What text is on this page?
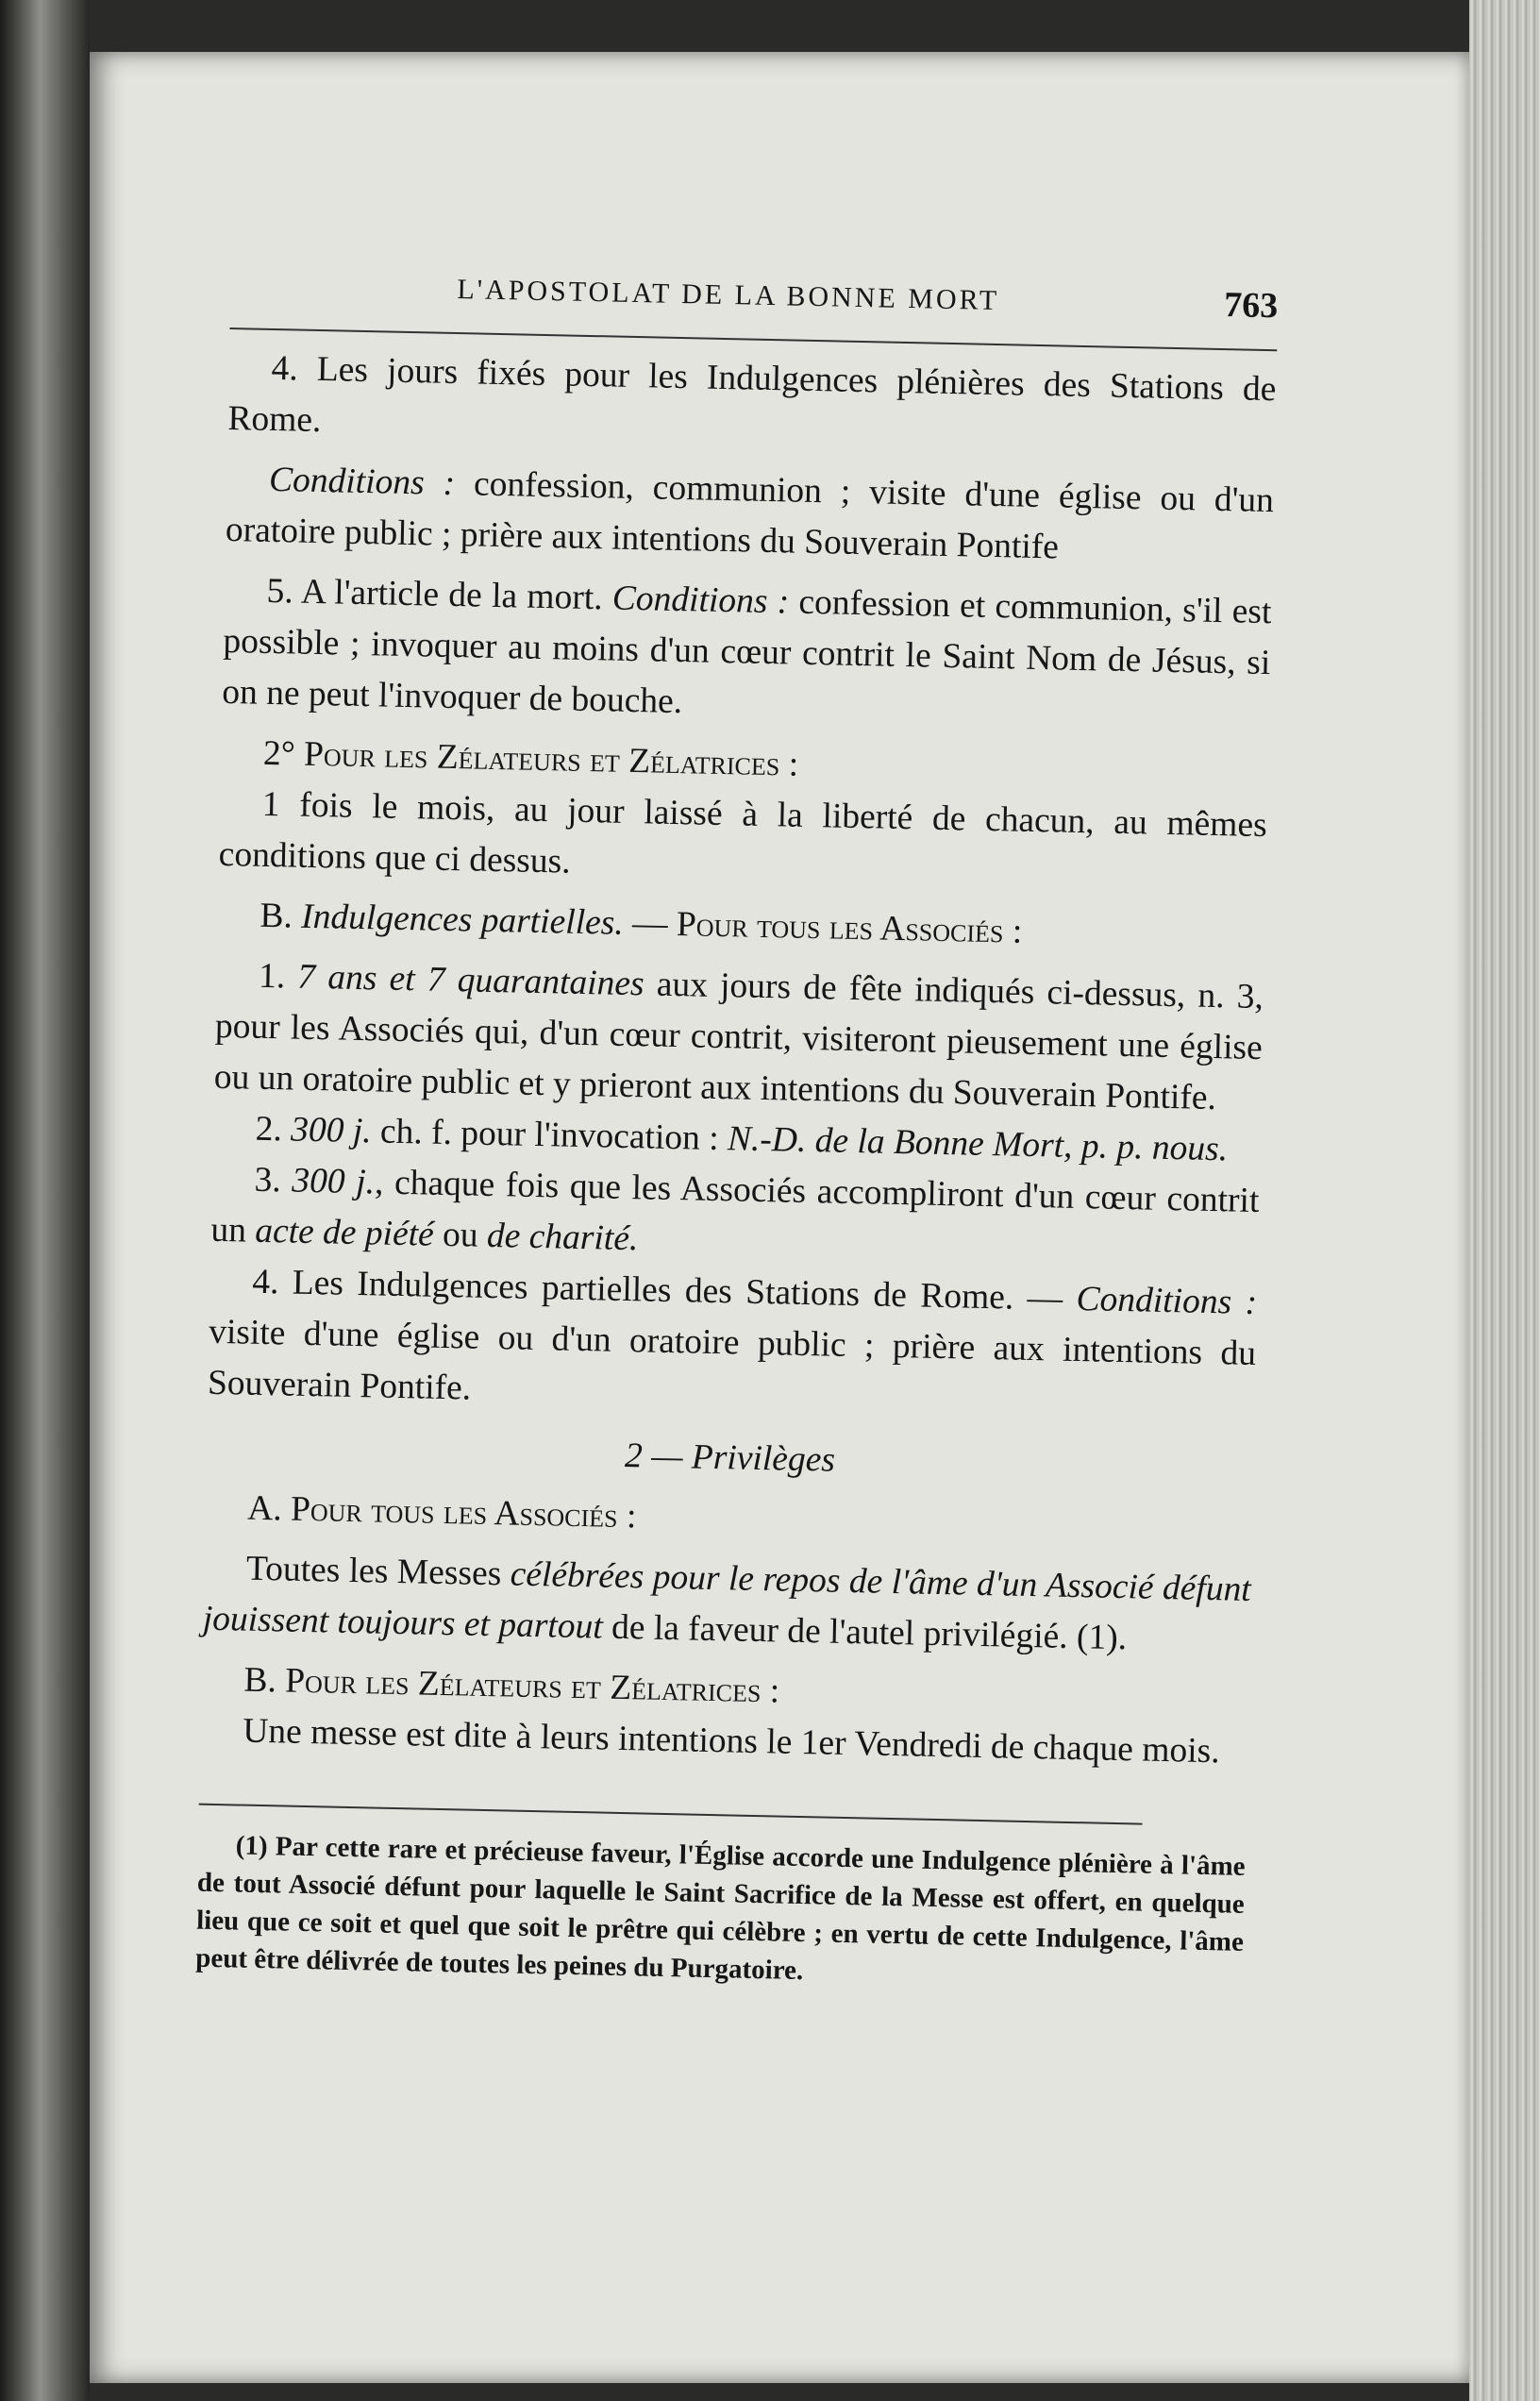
L'APOSTOLAT DE LA BONNE MORT	763

4. Les jours fixés pour les Indulgences plénières des Stations de Rome.

Conditions : confession, communion ; visite d'une église ou d'un oratoire public ; prière aux intentions du Souverain Pontife

5. A l'article de la mort. Conditions : confession et communion, s'il est possible ; invoquer au moins d'un cœur contrit le Saint Nom de Jésus, si on ne peut l'invoquer de bouche.

2° Pour les Zélateurs et Zélatrices :

1 fois le mois, au jour laissé à la liberté de chacun, au mêmes conditions que ci dessus.

B. Indulgences partielles. — Pour tous les Associés :

1. 7 ans et 7 quarantaines aux jours de fête indiqués ci-dessus, n. 3, pour les Associés qui, d'un cœur contrit, visiteront pieusement une église ou un oratoire public et y prieront aux intentions du Souverain Pontife.

2. 300 j. ch. f. pour l'invocation : N.-D. de la Bonne Mort, p. p. nous.

3. 300 j., chaque fois que les Associés accompliront d'un cœur contrit un acte de piété ou de charité.

4. Les Indulgences partielles des Stations de Rome. — Conditions : visite d'une église ou d'un oratoire public ; prière aux intentions du Souverain Pontife.

2 — Privilèges

A. Pour tous les Associés :

Toutes les Messes célébrées pour le repos de l'âme d'un Associé défunt jouissent toujours et partout de la faveur de l'autel privilégié. (1).

B. Pour les Zélateurs et Zélatrices :

Une messe est dite à leurs intentions le 1er Vendredi de chaque mois.

(1) Par cette rare et précieuse faveur, l'Église accorde une Indulgence plénière à l'âme de tout Associé défunt pour laquelle le Saint Sacrifice de la Messe est offert, en quelque lieu que ce soit et quel que soit le prêtre qui célèbre ; en vertu de cette Indulgence, l'âme peut être délivrée de toutes les peines du Purgatoire.
